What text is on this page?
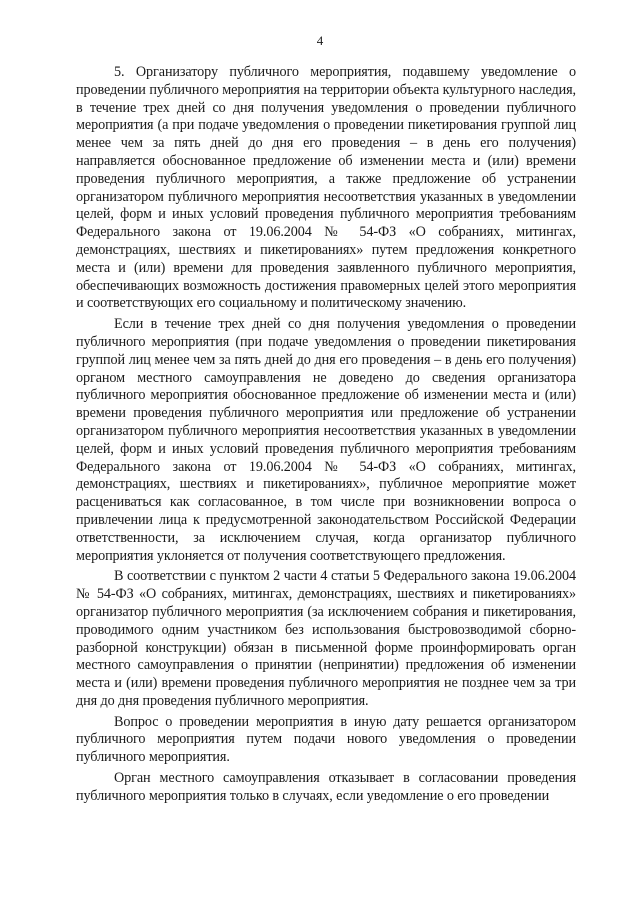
4

5. Организатору публичного мероприятия, подавшему уведомление о проведении публичного мероприятия на территории объекта культурного наследия, в течение трех дней со дня получения уведомления о проведении публичного мероприятия (а при подаче уведомления о проведении пикетирования группой лиц менее чем за пять дней до дня его проведения – в день его получения) направляется обоснованное предложение об изменении места и (или) времени проведения публичного мероприятия, а также предложение об устранении организатором публичного мероприятия несоответствия указанных в уведомлении целей, форм и иных условий проведения публичного мероприятия требованиям Федерального закона от 19.06.2004 № 54-ФЗ «О собраниях, митингах, демонстрациях, шествиях и пикетированиях» путем предложения конкретного места и (или) времени для проведения заявленного публичного мероприятия, обеспечивающих возможность достижения правомерных целей этого мероприятия и соответствующих его социальному и политическому значению.

Если в течение трех дней со дня получения уведомления о проведении публичного мероприятия (при подаче уведомления о проведении пикетирования группой лиц менее чем за пять дней до дня его проведения – в день его получения) органом местного самоуправления не доведено до сведения организатора публичного мероприятия обоснованное предложение об изменении места и (или) времени проведения публичного мероприятия или предложение об устранении организатором публичного мероприятия несоответствия указанных в уведомлении целей, форм и иных условий проведения публичного мероприятия требованиям Федерального закона от 19.06.2004 № 54-ФЗ «О собраниях, митингах, демонстрациях, шествиях и пикетированиях», публичное мероприятие может расцениваться как согласованное, в том числе при возникновении вопроса о привлечении лица к предусмотренной законодательством Российской Федерации ответственности, за исключением случая, когда организатор публичного мероприятия уклоняется от получения соответствующего предложения.

В соответствии с пунктом 2 части 4 статьи 5 Федерального закона 19.06.2004 № 54-ФЗ «О собраниях, митингах, демонстрациях, шествиях и пикетированиях» организатор публичного мероприятия (за исключением собрания и пикетирования, проводимого одним участником без использования быстровозводимой сборно-разборной конструкции) обязан в письменной форме проинформировать орган местного самоуправления о принятии (непринятии) предложения об изменении места и (или) времени проведения публичного мероприятия не позднее чем за три дня до дня проведения публичного мероприятия.

Вопрос о проведении мероприятия в иную дату решается организатором публичного мероприятия путем подачи нового уведомления о проведении публичного мероприятия.

Орган местного самоуправления отказывает в согласовании проведения публичного мероприятия только в случаях, если уведомление о его проведении
